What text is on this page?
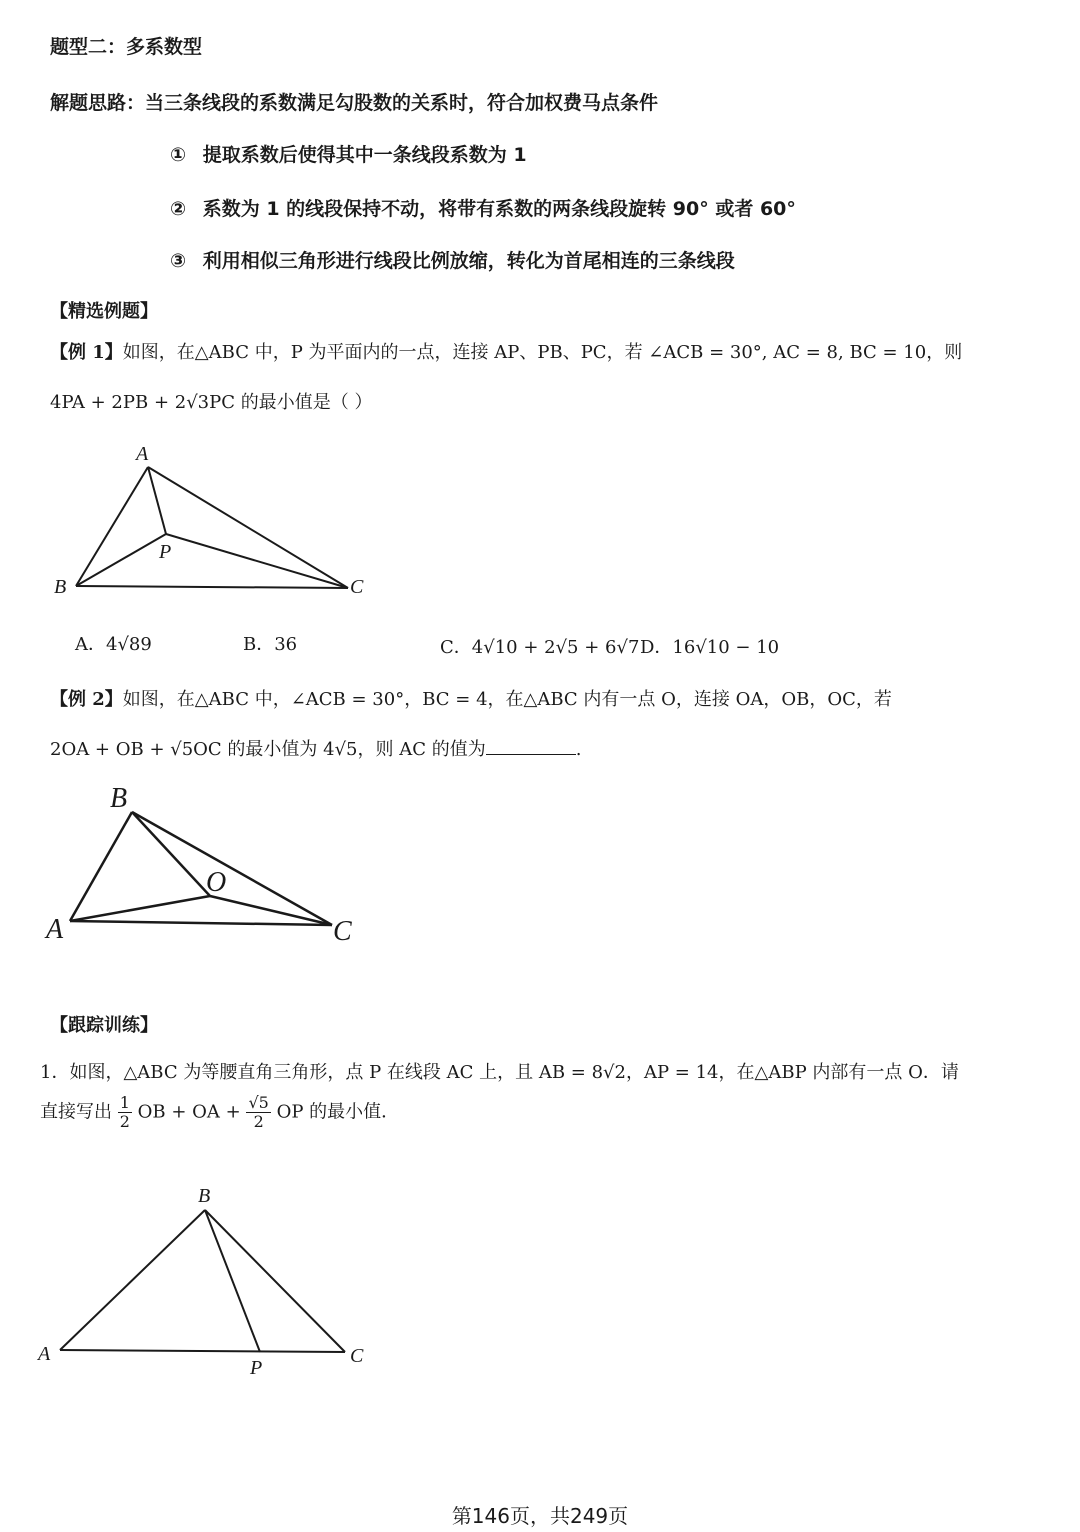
题型二：多系数型
解题思路：当三条线段的系数满足勾股数的关系时，符合加权费马点条件
① 提取系数后使得其中一条线段系数为 1
② 系数为 1 的线段保持不动，将带有系数的两条线段旋转 90° 或者 60°
③ 利用相似三角形进行线段比例放缩，转化为首尾相连的三条线段
【精选例题】
【例 1】如图，在△ABC 中，P 为平面内的一点，连接 AP、PB、PC，若 ∠ACB = 30°, AC = 8, BC = 10，则
4PA + 2PB + 2√3PC 的最小值是（ ）
A
B	C
P
A．4√89	B．36	C．4√10 + 2√5 + 6√7 D．16√10 − 10
【例 2】如图，在△ABC 中，∠ACB = 30°，BC = 4，在△ABC 内有一点 O，连接 OA，OB，OC，若
2OA + OB + √5OC 的最小值为 4√5，则 AC 的值为	.
B
A	C
O
【跟踪训练】
1．如图，△ABC 为等腰直角三角形，点 P 在线段 AC 上，且 AB = 8√2，AP = 14，在△ABP 内部有一点 O．请
直接写出 $\frac{1}{2}$ OB + OA + $\frac{√5}{2}$ OP 的最小值．
B
A	C
P
第146页，共249页
